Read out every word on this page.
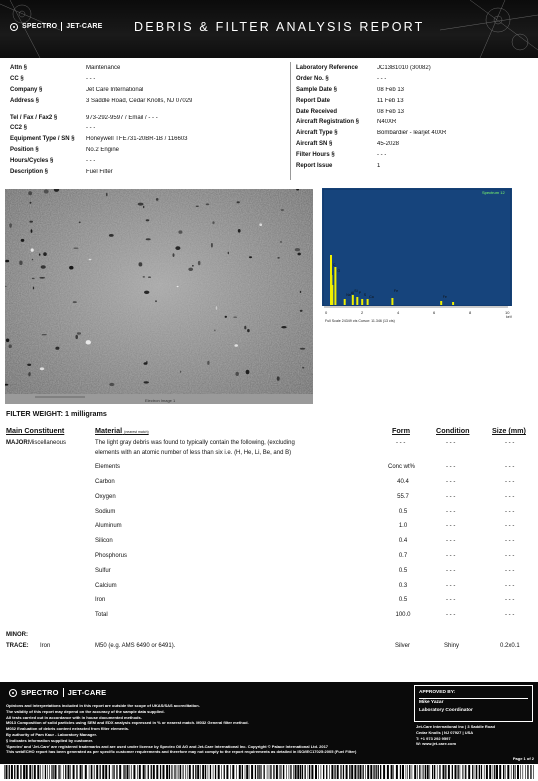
SPECTRO JET-CARE	DEBRIS & FILTER ANALYSIS REPORT
Attn §	Maintenance
CC §	- - -
Company §	Jet Care International
Address §	3 Saddle Road, Cedar Knolls, NJ 07029
Tel / Fax / Fax2 §	973-292-9597 / Email / - - -
CC2 §	- - -
Equipment Type / SN §	Honeywell TFE731-20BR-1B / 116603
Position §	No.2 Engine
Hours/Cycles §	- - -
Description §	Fuel Filter
Laboratory Reference	JC13B1010 (30082)
Order No. §	- - -
Sample Date §	08 Feb 13
Report Date	11 Feb 13
Date Received	08 Feb 13
Aircraft Registration §	N40XR
Aircraft Type §	Bombardier - learjet 40XR
Aircraft SN §	45-2028
Filter Hours §	- - -
Report Issue	1
Electron Image 1
Spectrum 12
C
O
Na Al Si P S Ca
Fe
Fe
0	2	4	6	8	10
keV
Full Scale 24349 cts Cursor: 11.346 (13 cts)
FILTER WEIGHT: 1 milligrams
Main Constituent	Material (nearest match)	Form	Condition	Size (mm)
MAJOR:
Miscellaneous	The light gray debris was found to typically contain the following, (excluding
elements with an atomic number of less than six i.e. (H, He, Li, Be, and B)
- - -	- - -	- - -
Elements	Conc wt%	- - -	- - -
Carbon	40.4	- - -	- - -
Oxygen	55.7	- - -	- - -
Sodium	0.5	- - -	- - -
Aluminum	1.0	- - -	- - -
Silicon	0.4	- - -	- - -
Phosphorus	0.7	- - -	- - -
Sulfur	0.5	- - -	- - -
Calcium	0.3	- - -	- - -
Iron	0.5	- - -	- - -
Total	100.0	- - -	- - -
MINOR:
TRACE: Iron	M50 (e.g. AMS 6490 or 6491).	Silver	Shiny	0.2x0.1
SPECTRO JET-CARE
Opinions and interpretations included in this report are outside the scope of UKAS/SAS accreditation.
The validity of this report may depend on the accuracy of the sample data supplied.
All tests carried out in accordance with in house documented methods.
M013 Composition of solid particles using SEM and EDX analysis expressed in % or nearest match. M032 General filter method.
M032 Evaluation of debris content extracted from filter elements.
By authority of Pam Kaur - Laboratory Manager.
§ Indicates information supplied by customer.
'Spectro' and 'Jet-Care' are registered trademarks and are used under license by Spectro Oil AG and Jet-Care International Inc. Copyright © Palace International Ltd. 2017
This webECHO report has been generated as per specific customer requirements and therefore may not comply to the report requirements as detailed in ISO/IEC17025:2005 (Fuel Filter)
APPROVED BY:
Mike Yazar
Laboratory Coordinator
Jet-Care International Inc | 3 Saddle Road
Cedar Knolls | NJ 07927 | USA
T: +1 973 292 9597
W: www.jet-care.com
Page 1 of 2
